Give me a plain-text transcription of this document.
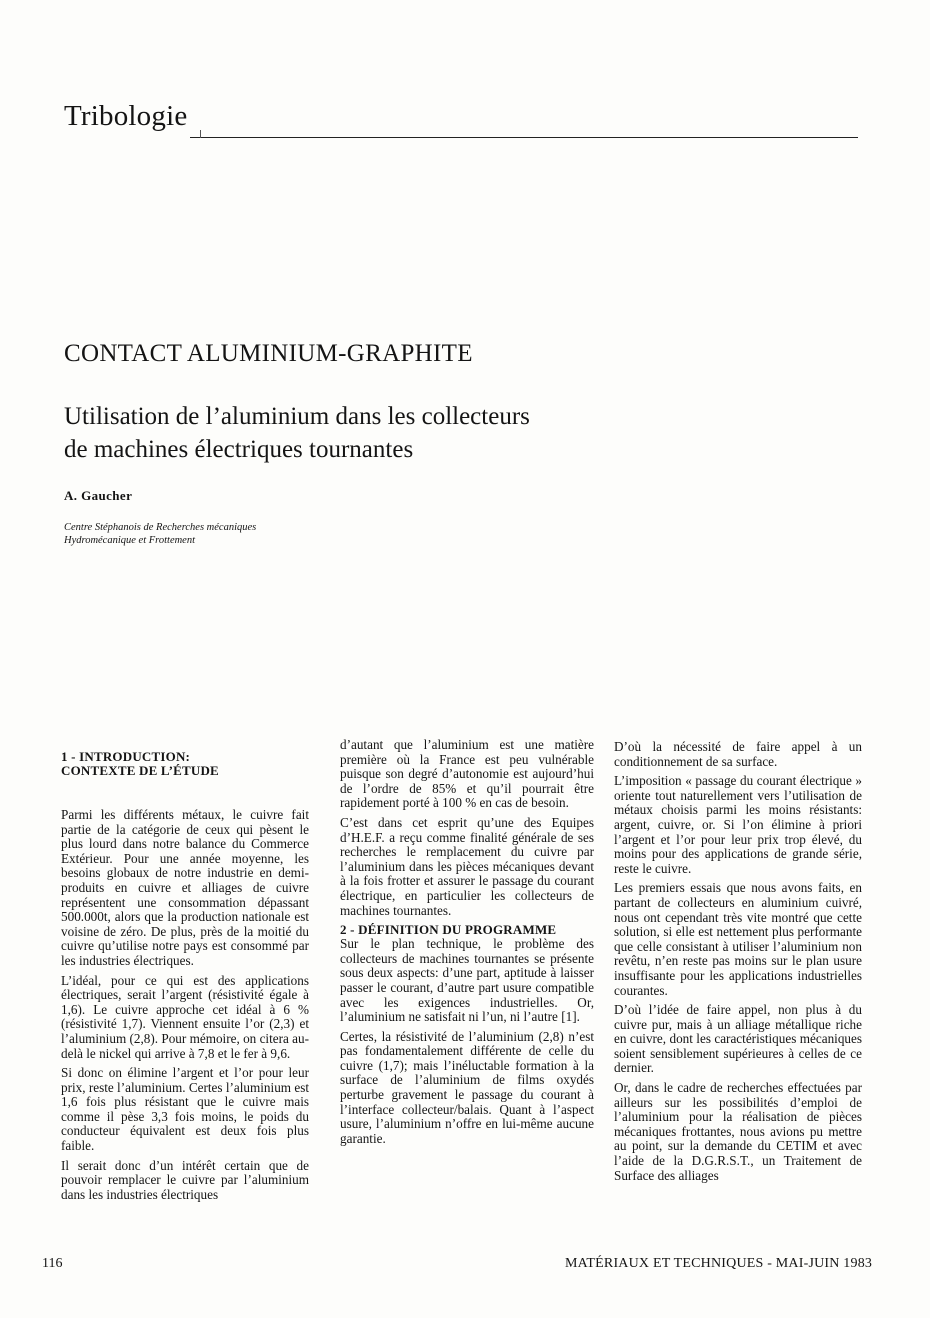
Tribologie
CONTACT ALUMINIUM-GRAPHITE
Utilisation de l’aluminium dans les collecteurs
de machines électriques tournantes
A. Gaucher
Centre Stéphanois de Recherches mécaniques
Hydromécanique et Frottement
1 - INTRODUCTION:
CONTEXTE DE L’ÉTUDE

Parmi les différents métaux, le cuivre fait partie de la catégorie de ceux qui pèsent le plus lourd dans notre balance du Commerce Extérieur. Pour une année moyenne, les besoins globaux de notre industrie en demi-produits en cuivre et alliages de cuivre représentent une consommation dépassant 500.000t, alors que la production nationale est voisine de zéro. De plus, près de la moitié du cuivre qu’utilise notre pays est consommé par les industries électriques.

L’idéal, pour ce qui est des applications électriques, serait l’argent (résistivité égale à 1,6). Le cuivre approche cet idéal à 6 % (résistivité 1,7). Viennent ensuite l’or (2,3) et l’aluminium (2,8). Pour mémoire, on citera au-delà le nickel qui arrive à 7,8 et le fer à 9,6.

Si donc on élimine l’argent et l’or pour leur prix, reste l’aluminium. Certes l’aluminium est 1,6 fois plus résistant que le cuivre mais comme il pèse 3,3 fois moins, le poids du conducteur équivalent est deux fois plus faible.

Il serait donc d’un intérêt certain que de pouvoir remplacer le cuivre par l’aluminium dans les industries électriques

d’autant que l’aluminium est une matière première où la France est peu vulnérable puisque son degré d’autonomie est aujourd’hui de l’ordre de 85% et qu’il pourrait être rapidement porté à 100 % en cas de besoin.

C’est dans cet esprit qu’une des Equipes d’H.E.F. a reçu comme finalité générale de ses recherches le remplacement du cuivre par l’aluminium dans les pièces mécaniques devant à la fois frotter et assurer le passage du courant électrique, en particulier les collecteurs de machines tournantes.

2 - DÉFINITION DU PROGRAMME

Sur le plan technique, le problème des collecteurs de machines tournantes se présente sous deux aspects: d’une part, aptitude à laisser passer le courant, d’autre part usure compatible avec les exigences industrielles. Or, l’aluminium ne satisfait ni l’un, ni l’autre [1].

Certes, la résistivité de l’aluminium (2,8) n’est pas fondamentalement différente de celle du cuivre (1,7); mais l’inéluctable formation à la surface de l’aluminium de films oxydés perturbe gravement le passage du courant à l’interface collecteur/balais. Quant à l’aspect usure, l’aluminium n’offre en lui-même aucune garantie.

D’où la nécessité de faire appel à un conditionnement de sa surface.

L’imposition « passage du courant électrique » oriente tout naturellement vers l’utilisation de métaux choisis parmi les moins résistants: argent, cuivre, or. Si l’on élimine à priori l’argent et l’or pour leur prix trop élevé, du moins pour des applications de grande série, reste le cuivre.

Les premiers essais que nous avons faits, en partant de collecteurs en aluminium cuivré, nous ont cependant très vite montré que cette solution, si elle est nettement plus performante que celle consistant à utiliser l’aluminium non revêtu, n’en reste pas moins sur le plan usure insuffisante pour les applications industrielles courantes.

D’où l’idée de faire appel, non plus à du cuivre pur, mais à un alliage métallique riche en cuivre, dont les caractéristiques mécaniques soient sensiblement supérieures à celles de ce dernier.

Or, dans le cadre de recherches effectuées par ailleurs sur les possibilités d’emploi de l’aluminium pour la réalisation de pièces mécaniques frottantes, nous avions pu mettre au point, sur la demande du CETIM et avec l’aide de la D.G.R.S.T., un Traitement de Surface des alliages

116	MATÉRIAUX ET TECHNIQUES - MAI-JUIN 1983
